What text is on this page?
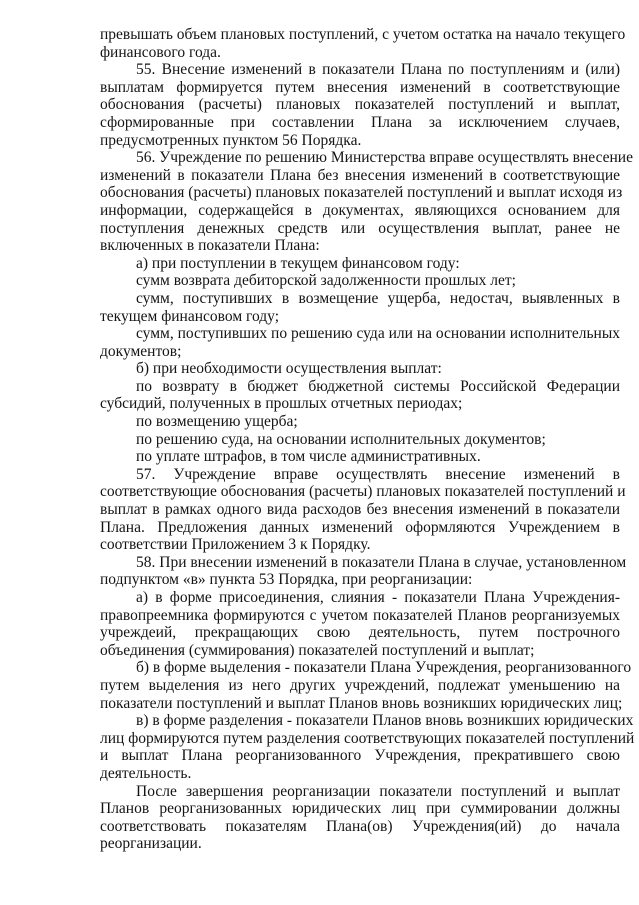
превышать объем плановых поступлений, с учетом остатка на начало текущего
финансового года.
55. Внесение изменений в показатели Плана по поступлениям и (или)
выплатам формируется путем внесения изменений в соответствующие
обоснования (расчеты) плановых показателей поступлений и выплат,
сформированные при составлении Плана за исключением случаев,
предусмотренных пунктом 56 Порядка.
56. Учреждение по решению Министерства вправе осуществлять внесение
изменений в показатели Плана без внесения изменений в соответствующие
обоснования (расчеты) плановых показателей поступлений и выплат исходя из
информации, содержащейся в документах, являющихся основанием для
поступления денежных средств или осуществления выплат, ранее не
включенных в показатели Плана:
а) при поступлении в текущем финансовом году:
сумм возврата дебиторской задолженности прошлых лет;
сумм, поступивших в возмещение ущерба, недостач, выявленных в
текущем финансовом году;
сумм, поступивших по решению суда или на основании исполнительных
документов;
б) при необходимости осуществления выплат:
по возврату в бюджет бюджетной системы Российской Федерации
субсидий, полученных в прошлых отчетных периодах;
по возмещению ущерба;
по решению суда, на основании исполнительных документов;
по уплате штрафов, в том числе административных.
57. Учреждение вправе осуществлять внесение изменений в
соответствующие обоснования (расчеты) плановых показателей поступлений и
выплат в рамках одного вида расходов без внесения изменений в показатели
Плана. Предложения данных изменений оформляются Учреждением в
соответствии Приложением 3 к Порядку.
58. При внесении изменений в показатели Плана в случае, установленном
подпунктом «в» пункта 53 Порядка, при реорганизации:
а) в форме присоединения, слияния - показатели Плана Учреждения-
правопреемника формируются с учетом показателей Планов реорганизуемых
учреждеий, прекращающих свою деятельность, путем построчного
объединения (суммирования) показателей поступлений и выплат;
б) в форме выделения - показатели Плана Учреждения, реорганизованного
путем выделения из него других учреждений, подлежат уменьшению на
показатели поступлений и выплат Планов вновь возникших юридических лиц;
в) в форме разделения - показатели Планов вновь возникших юридических
лиц формируются путем разделения соответствующих показателей поступлений
и выплат Плана реорганизованного Учреждения, прекратившего свою
деятельность.
После завершения реорганизации показатели поступлений и выплат
Планов реорганизованных юридических лиц при суммировании должны
соответствовать показателям Плана(ов) Учреждения(ий) до начала
реорганизации.
